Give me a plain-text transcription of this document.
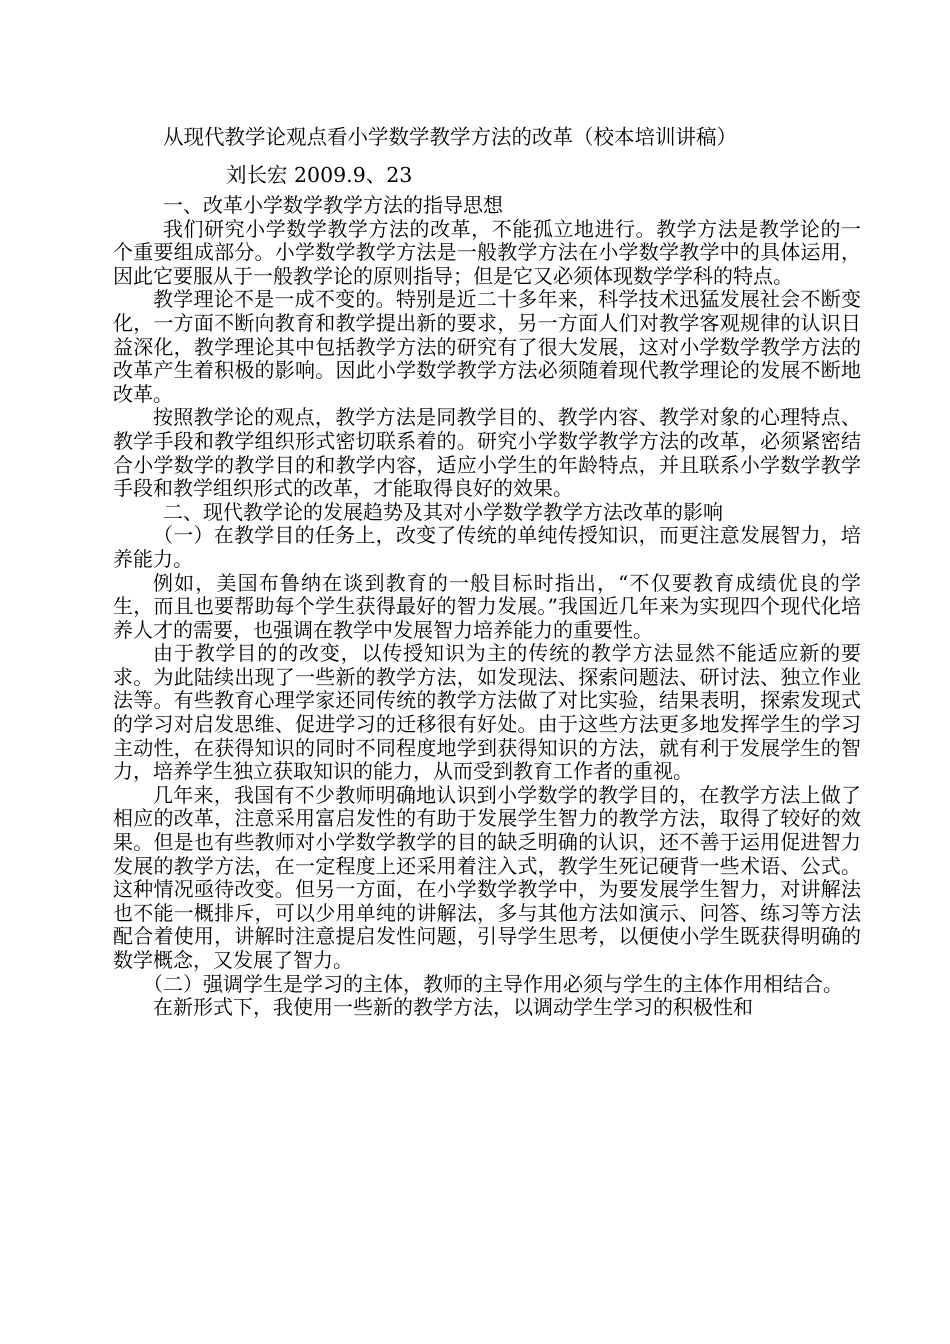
从现代教学论观点看小学数学教学方法的改革（校本培训讲稿）

刘长宏 2009.9、23

一、改革小学数学教学方法的指导思想

我们研究小学数学教学方法的改革，不能孤立地进行。教学方法是教学论的一个重要组成部分。小学数学教学方法是一般教学方法在小学数学教学中的具体运用，因此它要服从于一般教学论的原则指导；但是它又必须体现数学学科的特点。

教学理论不是一成不变的。特别是近二十多年来，科学技术迅猛发展社会不断变化，一方面不断向教育和教学提出新的要求，另一方面人们对教学客观规律的认识日益深化，教学理论其中包括教学方法的研究有了很大发展，这对小学数学教学方法的改革产生着积极的影响。因此小学数学教学方法必须随着现代教学理论的发展不断地改革。

按照教学论的观点，教学方法是同教学目的、教学内容、教学对象的心理特点、教学手段和教学组织形式密切联系着的。研究小学数学教学方法的改革，必须紧密结合小学数学的教学目的和教学内容，适应小学生的年龄特点，并且联系小学数学教学手段和教学组织形式的改革，才能取得良好的效果。

二、现代教学论的发展趋势及其对小学数学教学方法改革的影响

（一）在教学目的任务上，改变了传统的单纯传授知识，而更注意发展智力，培养能力。

例如，美国布鲁纳在谈到教育的一般目标时指出，“不仅要教育成绩优良的学生，而且也要帮助每个学生获得最好的智力发展。”我国近几年来为实现四个现代化培养人才的需要，也强调在教学中发展智力培养能力的重要性。

由于教学目的的改变，以传授知识为主的传统的教学方法显然不能适应新的要求。为此陆续出现了一些新的教学方法，如发现法、探索问题法、研讨法、独立作业法等。有些教育心理学家还同传统的教学方法做了对比实验，结果表明，探索发现式的学习对启发思维、促进学习的迁移很有好处。由于这些方法更多地发挥学生的学习主动性，在获得知识的同时不同程度地学到获得知识的方法，就有利于发展学生的智力，培养学生独立获取知识的能力，从而受到教育工作者的重视。

几年来，我国有不少教师明确地认识到小学数学的教学目的，在教学方法上做了相应的改革，注意采用富启发性的有助于发展学生智力的教学方法，取得了较好的效果。但是也有些教师对小学数学教学的目的缺乏明确的认识，还不善于运用促进智力发展的教学方法，在一定程度上还采用着注入式，教学生死记硬背一些术语、公式。这种情况亟待改变。但另一方面，在小学数学教学中，为要发展学生智力，对讲解法也不能一概排斥，可以少用单纯的讲解法，多与其他方法如演示、问答、练习等方法配合着使用，讲解时注意提启发性问题，引导学生思考，以便使小学生既获得明确的数学概念，又发展了智力。

（二）强调学生是学习的主体，教师的主导作用必须与学生的主体作用相结合。

在新形式下，我使用一些新的教学方法，以调动学生学习的积极性和
